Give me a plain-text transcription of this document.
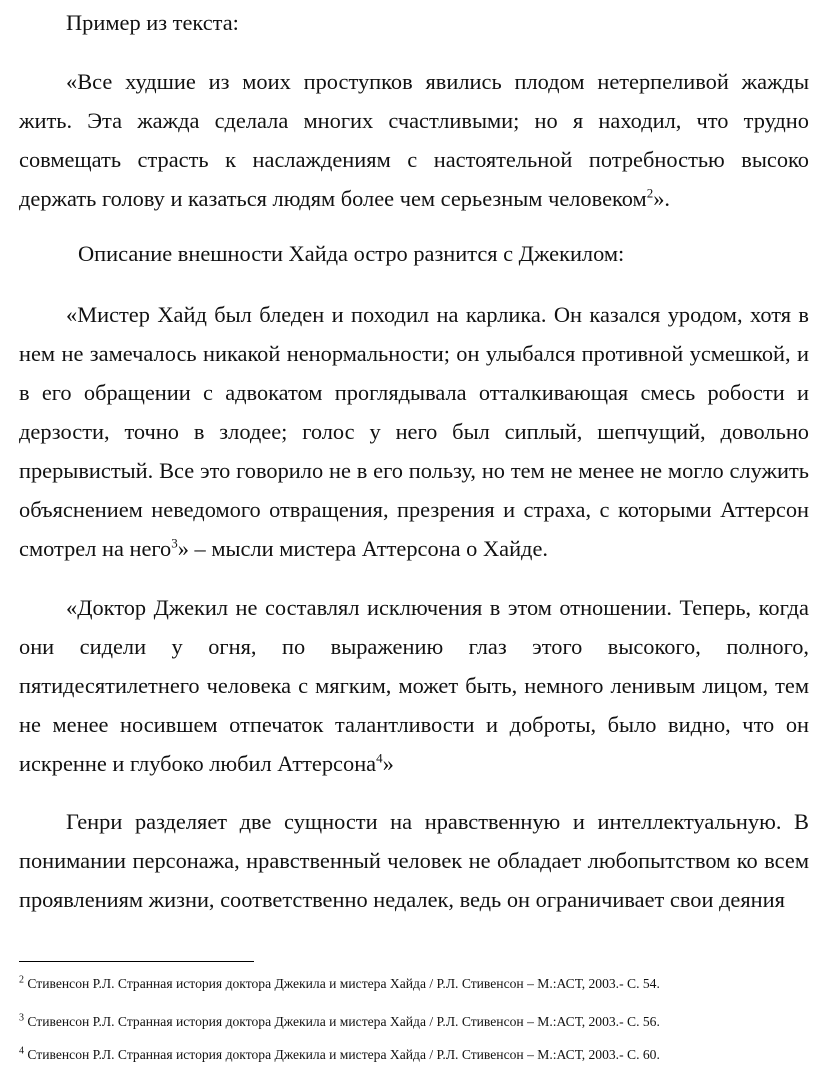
Пример из текста:

«Все худшие из моих проступков явились плодом нетерпеливой жажды жить. Эта жажда сделала многих счастливыми; но я находил, что трудно совмещать страсть к наслаждениям с настоятельной потребностью высоко держать голову и казаться людям более чем серьезным человеком$^2$».

Описание внешности Хайда остро разнится с Джекилом:

«Мистер Хайд был бледен и походил на карлика. Он казался уродом, хотя в нем не замечалось никакой ненормальности; он улыбался противной усмешкой, и в его обращении с адвокатом проглядывала отталкивающая смесь робости и дерзости, точно в злодее; голос у него был сиплый, шепчущий, довольно прерывистый. Все это говорило не в его пользу, но тем не менее не могло служить объяснением неведомого отвращения, презрения и страха, с которыми Аттерсон смотрел на него$^3$» – мысли мистера Аттерсона о Хайде.

«Доктор Джекил не составлял исключения в этом отношении. Теперь, когда они сидели у огня, по выражению глаз этого высокого, полного, пятидесятилетнего человека с мягким, может быть, немного ленивым лицом, тем не менее носившем отпечаток талантливости и доброты, было видно, что он искренне и глубоко любил Аттерсона$^4$»

Генри разделяет две сущности на нравственную и интеллектуальную. В понимании персонажа, нравственный человек не обладает любопытством ко всем проявлениям жизни, соответственно недалек, ведь он ограничивает свои деяния

$^2$ Стивенсон Р.Л. Странная история доктора Джекила и мистера Хайда / Р.Л. Стивенсон – М.:АСТ, 2003.- С. 54.

$^3$ Стивенсон Р.Л. Странная история доктора Джекила и мистера Хайда / Р.Л. Стивенсон – М.:АСТ, 2003.- С. 56.

$^4$ Стивенсон Р.Л. Странная история доктора Джекила и мистера Хайда / Р.Л. Стивенсон – М.:АСТ, 2003.- С. 60.
